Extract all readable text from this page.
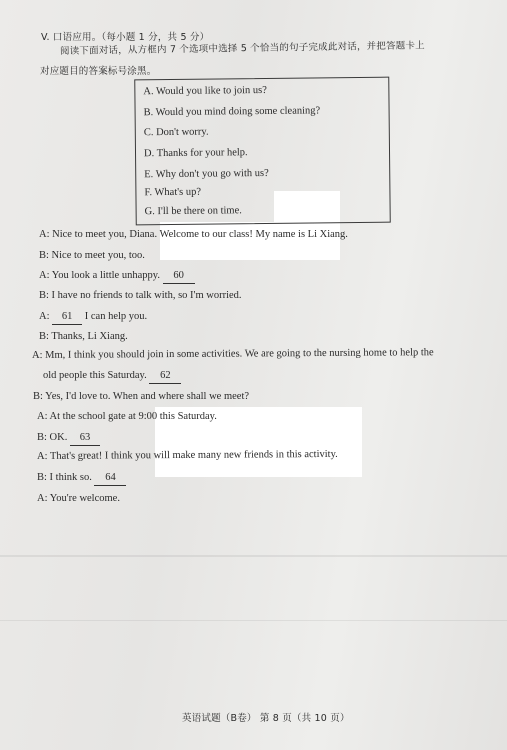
V. 口语应用。（每小题 1 分，共 5 分）
阅读下面对话，从方框内 7 个选项中选择 5 个恰当的句子完成此对话，并把答题卡上
对应题目的答案标号涂黑。
A. Would you like to join us?
B. Would you mind doing some cleaning?
C. Don't worry.
D. Thanks for your help.
E. Why don't you go with us?
F. What's up?
G. I'll be there on time.
A: Nice to meet you, Diana. Welcome to our class! My name is Li Xiang.
B: Nice to meet you, too.
A: You look a little unhappy. 60
B: I have no friends to talk with, so I'm worried.
A: 61 I can help you.
B: Thanks, Li Xiang.
A: Mm, I think you should join in some activities. We are going to the nursing home to help the
old people this Saturday. 62
B: Yes, I'd love to. When and where shall we meet?
A: At the school gate at 9:00 this Saturday.
B: OK. 63
A: That's great! I think you will make many new friends in this activity.
B: I think so. 64
A: You're welcome.
英语试题（B卷） 第 8 页（共 10 页）
